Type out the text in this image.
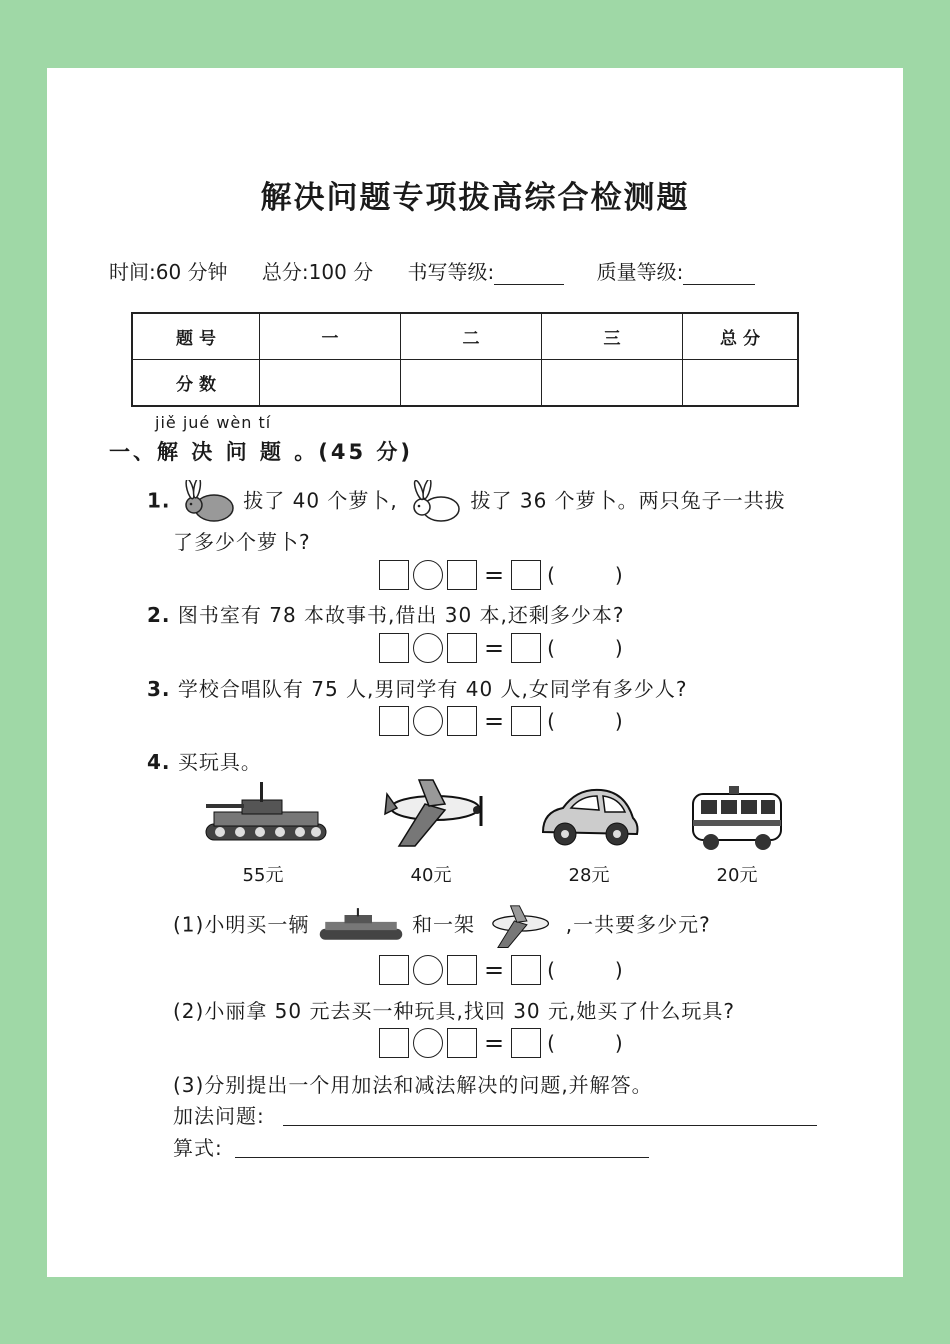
解决问题专项拔高综合检测题
时间:60 分钟 总分:100 分 书写等级:	质量等级:
题 号	一	二	三	总 分
分 数				
jiě jué wèn tí
一、解 决 问 题 。(45 分)
1.	拔了 40 个萝卜,	拔了 36 个萝卜。两只兔子一共拔
了多少个萝卜?
= (	)
2. 图书室有 78 本故事书,借出 30 本,还剩多少本?
= (	)
3. 学校合唱队有 75 人,男同学有 40 人,女同学有多少人?
= (	)
4. 买玩具。
55元	40元	28元	20元
(1)小明买一辆	和一架	,一共要多少元?
= (	)
(2)小丽拿 50 元去买一种玩具,找回 30 元,她买了什么玩具?
= (	)
(3)分别提出一个用加法和减法解决的问题,并解答。
加法问题:
算式:
